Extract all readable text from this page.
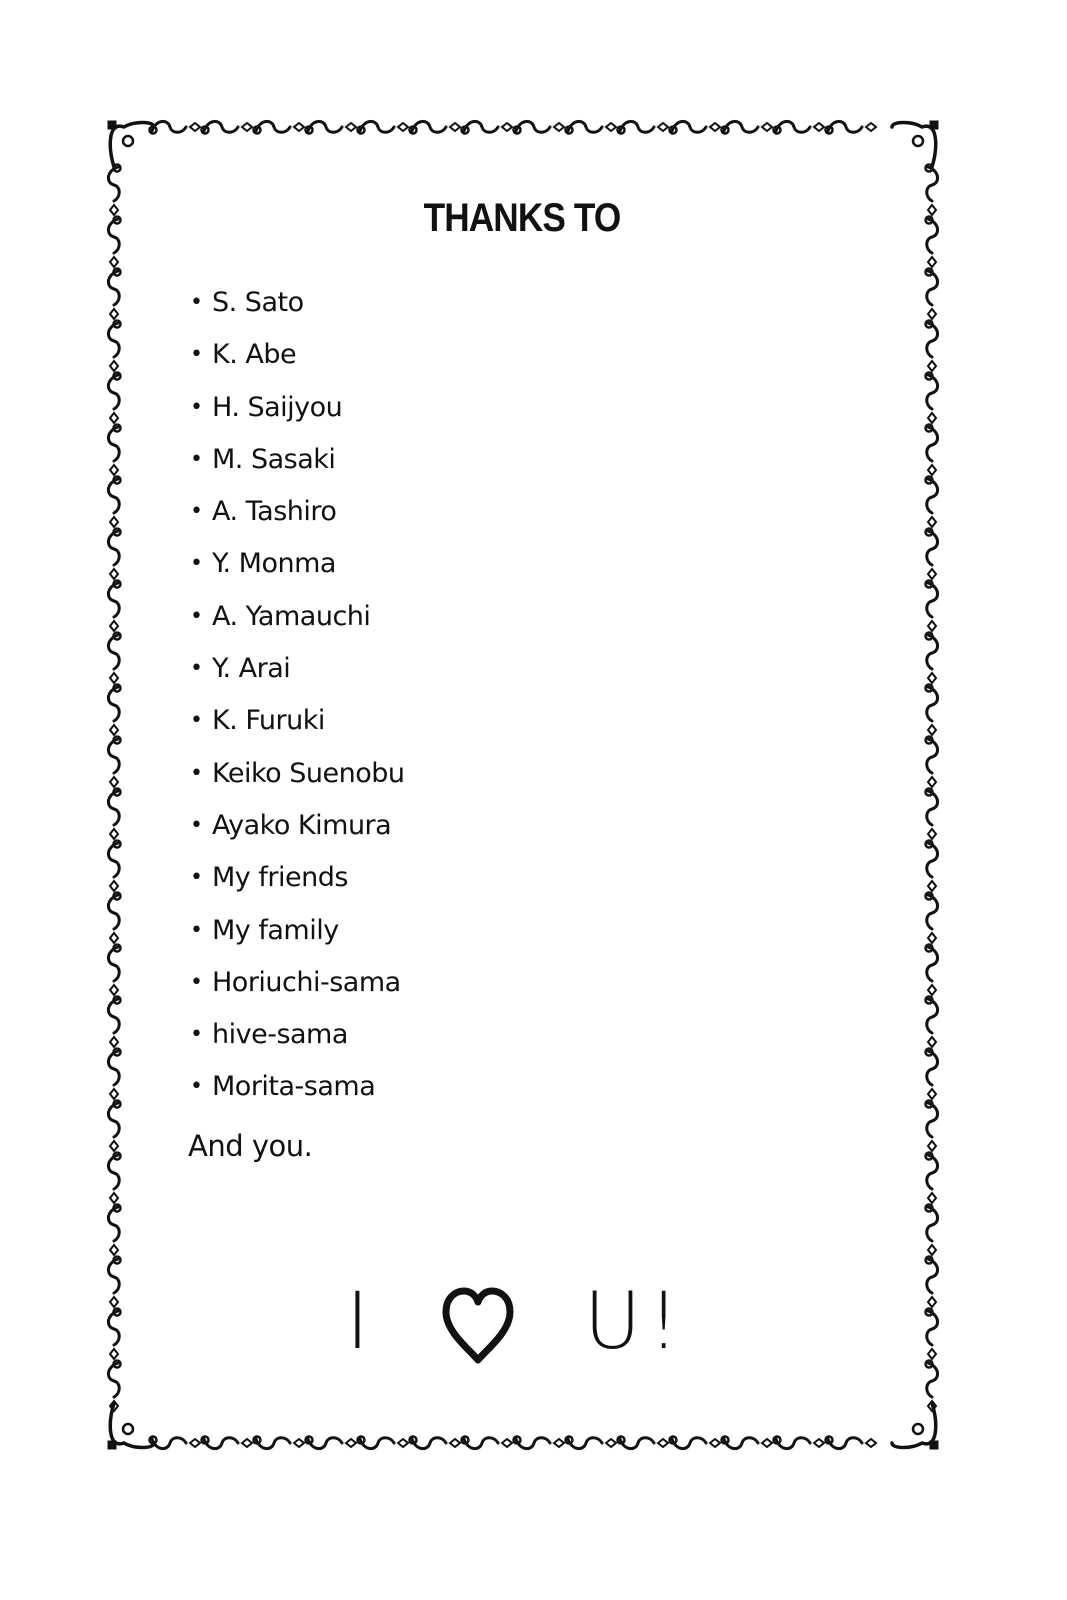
THANKS TO
• S. Sato
• K. Abe
• H. Saijyou
• M. Sasaki
• A. Tashiro
• Y. Monma
• A. Yamauchi
• Y. Arai
• K. Furuki
• Keiko Suenobu
• Ayako Kimura
• My friends
• My family
• Horiuchi-sama
• hive-sama
• Morita-sama
And you.
I	U !
